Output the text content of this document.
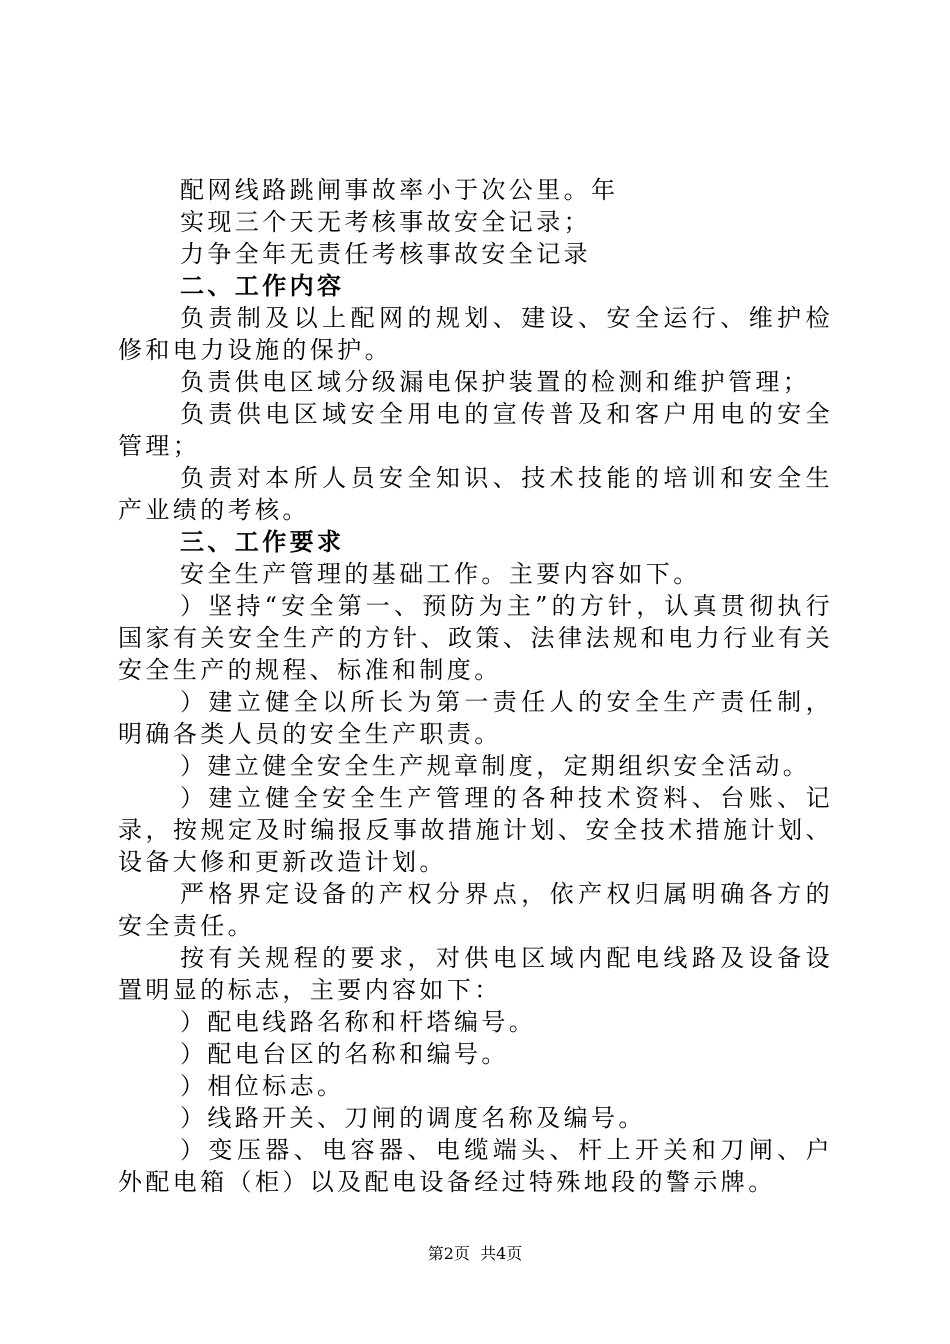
配网线路跳闸事故率小于次公里。年

实现三个天无考核事故安全记录；

力争全年无责任考核事故安全记录

二、工作内容

负责制及以上配网的规划、建设、安全运行、维护检修和电力设施的保护。

负责供电区域分级漏电保护装置的检测和维护管理；

负责供电区域安全用电的宣传普及和客户用电的安全管理；

负责对本所人员安全知识、技术技能的培训和安全生产业绩的考核。

三、工作要求

安全生产管理的基础工作。主要内容如下。

）坚持“安全第一、预防为主”的方针，认真贯彻执行国家有关安全生产的方针、政策、法律法规和电力行业有关安全生产的规程、标准和制度。

）建立健全以所长为第一责任人的安全生产责任制，明确各类人员的安全生产职责。

）建立健全安全生产规章制度，定期组织安全活动。

）建立健全安全生产管理的各种技术资料、台账、记录，按规定及时编报反事故措施计划、安全技术措施计划、设备大修和更新改造计划。

严格界定设备的产权分界点，依产权归属明确各方的安全责任。

按有关规程的要求，对供电区域内配电线路及设备设置明显的标志，主要内容如下：

）配电线路名称和杆塔编号。

）配电台区的名称和编号。

）相位标志。

）线路开关、刀闸的调度名称及编号。

）变压器、电容器、电缆端头、杆上开关和刀闸、户外配电箱（柜）以及配电设备经过特殊地段的警示牌。

第2页  共4页
